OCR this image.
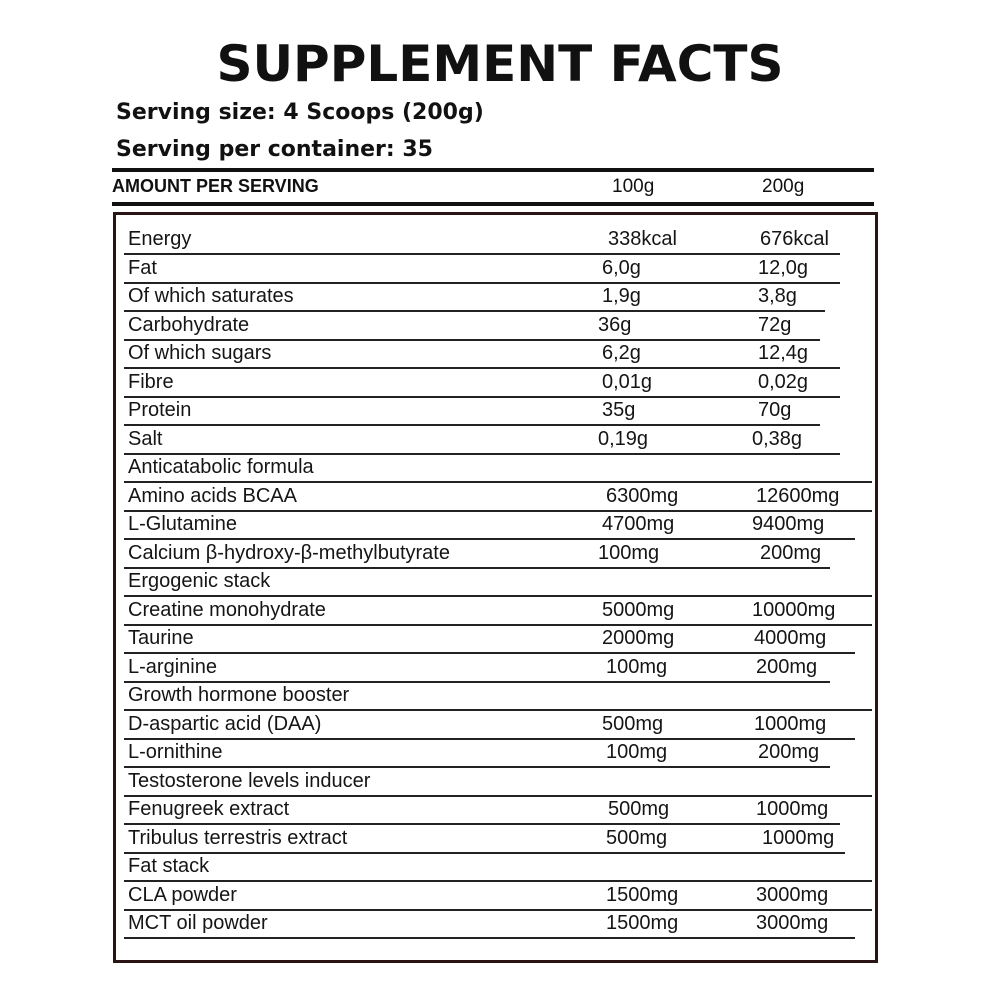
SUPPLEMENT FACTS
Serving size: 4 Scoops (200g)
Serving per container: 35
AMOUNT PER SERVING	100g	200g
Energy	338kcal	676kcal
Fat	6,0g	12,0g
Of which saturates	1,9g	3,8g
Carbohydrate	36g	72g
Of which sugars	6,2g	12,4g
Fibre	0,01g	0,02g
Protein	35g	70g
Salt	0,19g	0,38g
Anticatabolic formula
Amino acids BCAA	6300mg	12600mg
L-Glutamine	4700mg	9400mg
Calcium β-hydroxy-β-methylbutyrate	100mg	200mg
Ergogenic stack
Creatine monohydrate	5000mg	10000mg
Taurine	2000mg	4000mg
L-arginine	100mg	200mg
Growth hormone booster
D-aspartic acid (DAA)	500mg	1000mg
L-ornithine	100mg	200mg
Testosterone levels inducer
Fenugreek extract	500mg	1000mg
Tribulus terrestris extract	500mg	1000mg
Fat stack
CLA powder	1500mg	3000mg
MCT oil powder	1500mg	3000mg
